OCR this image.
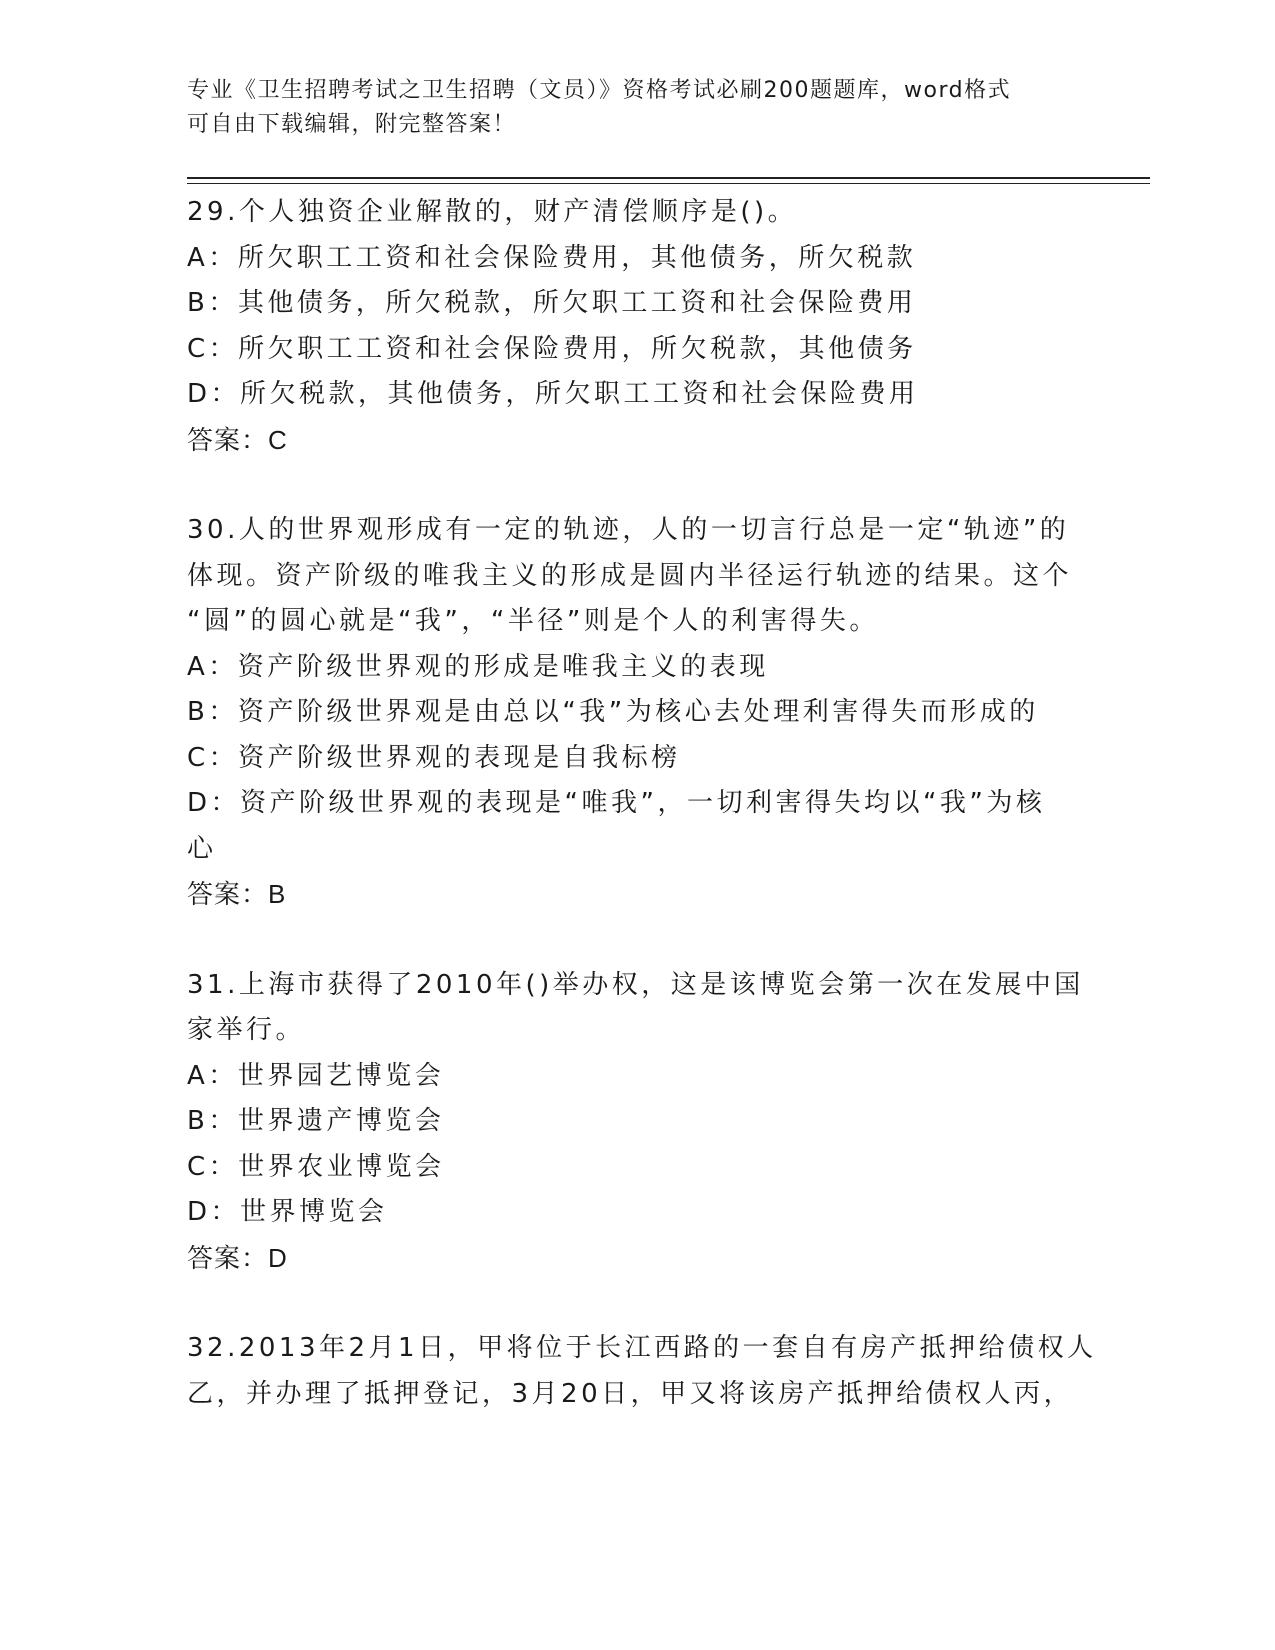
专业《卫生招聘考试之卫生招聘（文员）》资格考试必刷200题题库，word格式
可自由下载编辑，附完整答案！
29.个人独资企业解散的，财产清偿顺序是()。
A：所欠职工工资和社会保险费用，其他债务，所欠税款
B：其他债务，所欠税款，所欠职工工资和社会保险费用
C：所欠职工工资和社会保险费用，所欠税款，其他债务
D：所欠税款，其他债务，所欠职工工资和社会保险费用
答案：C
30.人的世界观形成有一定的轨迹，人的一切言行总是一定“轨迹”的
体现。资产阶级的唯我主义的形成是圆内半径运行轨迹的结果。这个
“圆”的圆心就是“我”，“半径”则是个人的利害得失。
A：资产阶级世界观的形成是唯我主义的表现
B：资产阶级世界观是由总以“我”为核心去处理利害得失而形成的
C：资产阶级世界观的表现是自我标榜
D：资产阶级世界观的表现是“唯我”，一切利害得失均以“我”为核
心
答案：B
31.上海市获得了2010年()举办权，这是该博览会第一次在发展中国
家举行。
A：世界园艺博览会
B：世界遗产博览会
C：世界农业博览会
D：世界博览会
答案：D
32.2013年2月1日，甲将位于长江西路的一套自有房产抵押给债权人
乙，并办理了抵押登记，3月20日，甲又将该房产抵押给债权人丙，
